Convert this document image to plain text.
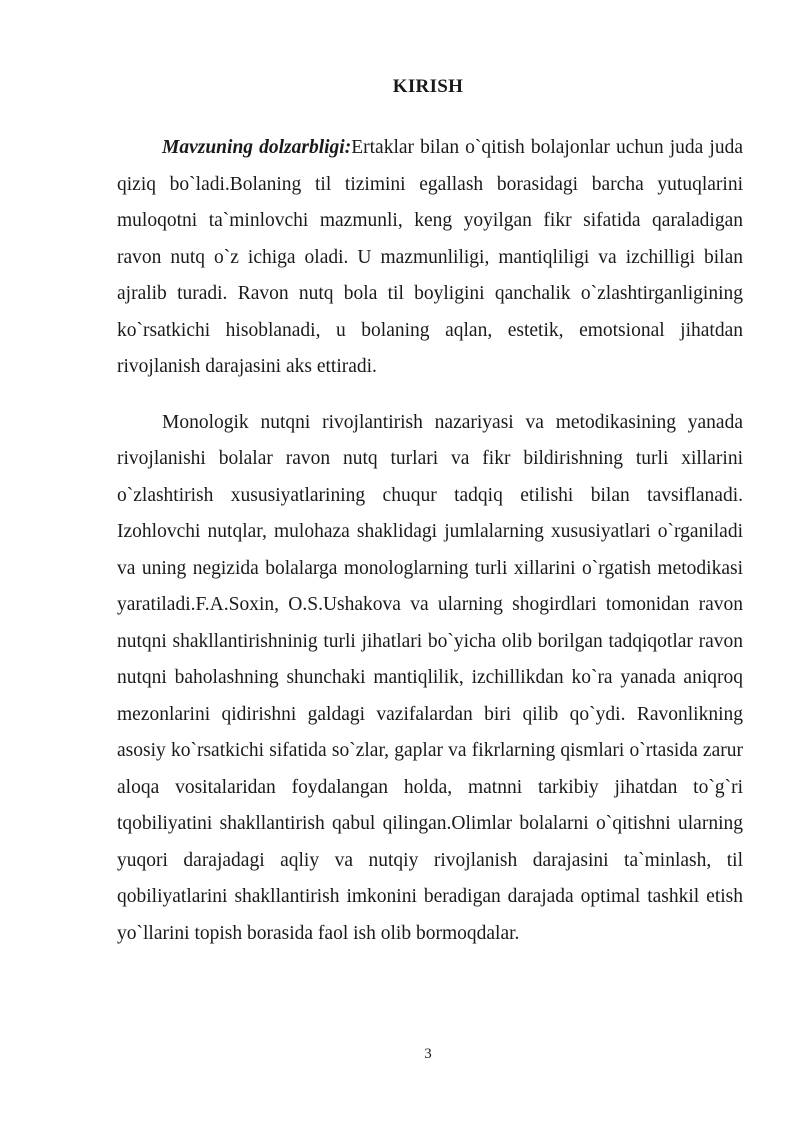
KIRISH

Mavzuning dolzarbligi:Ertaklar bilan o`qitish bolajonlar uchun juda juda qiziq bo`ladi.Bolaning til tizimini egallash borasidagi barcha yutuqlarini muloqotni ta`minlovchi mazmunli, keng yoyilgan fikr sifatida qaraladigan ravon nutq o`z ichiga oladi. U mazmunliligi, mantiqliligi va izchilligi bilan ajralib turadi. Ravon nutq bola til boyligini qanchalik o`zlashtirganligining ko`rsatkichi hisoblanadi, u bolaning aqlan, estetik, emotsional jihatdan rivojlanish darajasini aks ettiradi.

Monologik nutqni rivojlantirish nazariyasi va metodikasining yanada rivojlanishi bolalar ravon nutq turlari va fikr bildirishning turli xillarini o`zlashtirish xususiyatlarining chuqur tadqiq etilishi bilan tavsiflanadi. Izohlovchi nutqlar, mulohaza shaklidagi jumlalarning xususiyatlari o`rganiladi va uning negizida bolalarga monologlarning turli xillarini o`rgatish metodikasi yaratiladi.F.A.Soxin, O.S.Ushakova va ularning shogirdlari tomonidan ravon nutqni shakllantirishninig turli jihatlari bo`yicha olib borilgan tadqiqotlar ravon nutqni baholashning shunchaki mantiqlilik, izchillikdan ko`ra yanada aniqroq mezonlarini qidirishni galdagi vazifalardan biri qilib qo`ydi. Ravonlikning asosiy ko`rsatkichi sifatida so`zlar, gaplar va fikrlarning qismlari o`rtasida zarur aloqa vositalaridan foydalangan holda, matnni tarkibiy jihatdan to`g`ri tqobiliyatini shakllantirish qabul qilingan.Olimlar bolalarni o`qitishni ularning yuqori darajadagi aqliy va nutqiy rivojlanish darajasini ta`minlash, til qobiliyatlarini shakllantirish imkonini beradigan darajada optimal tashkil etish yo`llarini topish borasida faol ish olib bormoqdalar.

3
